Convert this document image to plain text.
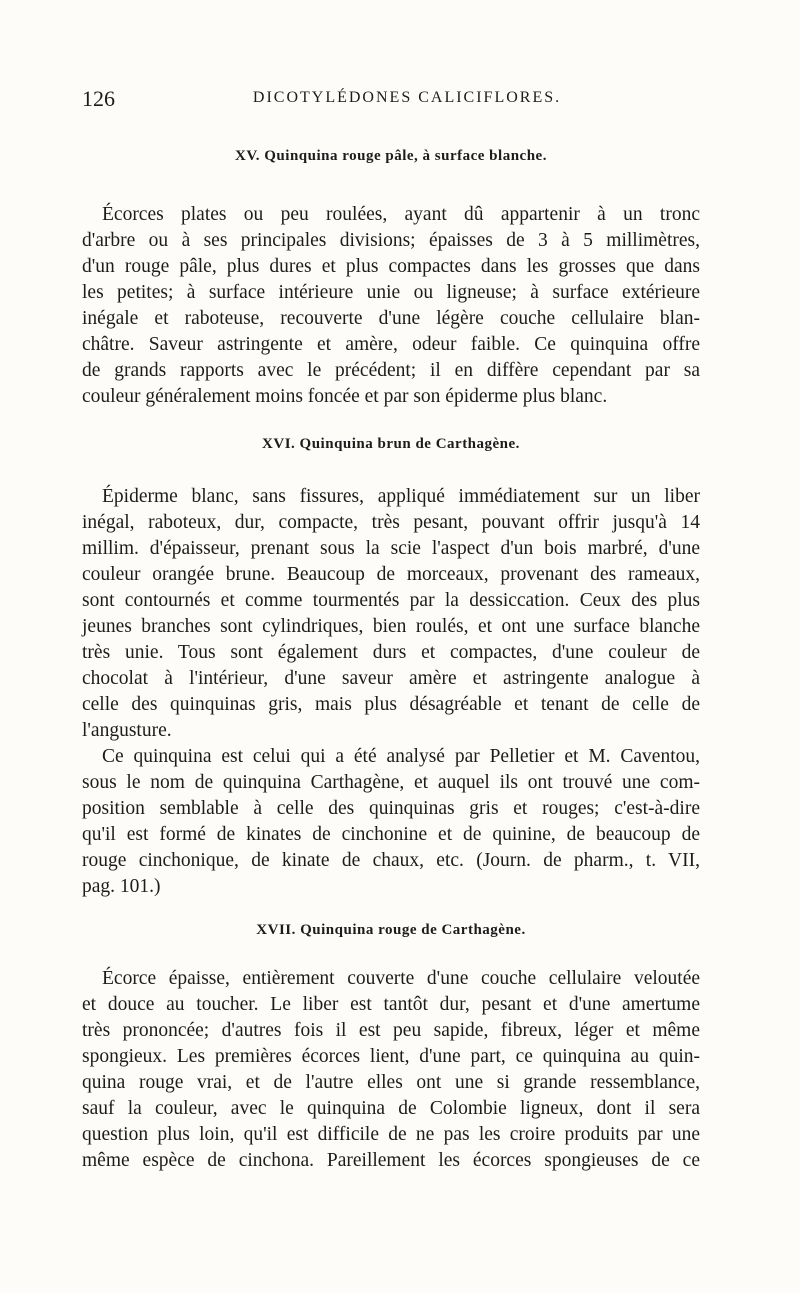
126	DICOTYLÉDONES CALICIFLORES.
XV. Quinquina rouge pâle, à surface blanche.

Écorces plates ou peu roulées, ayant dû appartenir à un tronc
d'arbre ou à ses principales divisions; épaisses de 3 à 5 millimètres,
d'un rouge pâle, plus dures et plus compactes dans les grosses que dans
les petites; à surface intérieure unie ou ligneuse; à surface extérieure
inégale et raboteuse, recouverte d'une légère couche cellulaire blan-
châtre. Saveur astringente et amère, odeur faible. Ce quinquina offre
de grands rapports avec le précédent; il en diffère cependant par sa
couleur généralement moins foncée et par son épiderme plus blanc.

XVI. Quinquina brun de Carthagène.

Épiderme blanc, sans fissures, appliqué immédiatement sur un liber
inégal, raboteux, dur, compacte, très pesant, pouvant offrir jusqu'à 14
millim. d'épaisseur, prenant sous la scie l'aspect d'un bois marbré, d'une
couleur orangée brune. Beaucoup de morceaux, provenant des rameaux,
sont contournés et comme tourmentés par la dessiccation. Ceux des plus
jeunes branches sont cylindriques, bien roulés, et ont une surface blanche
très unie. Tous sont également durs et compactes, d'une couleur de
chocolat à l'intérieur, d'une saveur amère et astringente analogue à
celle des quinquinas gris, mais plus désagréable et tenant de celle de
l'angusture.

Ce quinquina est celui qui a été analysé par Pelletier et M. Caventou,
sous le nom de quinquina Carthagène, et auquel ils ont trouvé une com-
position semblable à celle des quinquinas gris et rouges; c'est-à-dire
qu'il est formé de kinates de cinchonine et de quinine, de beaucoup de
rouge cinchonique, de kinate de chaux, etc. (Journ. de pharm., t. VII,
pag. 101.)

XVII. Quinquina rouge de Carthagène.

Écorce épaisse, entièrement couverte d'une couche cellulaire veloutée
et douce au toucher. Le liber est tantôt dur, pesant et d'une amertume
très prononcée; d'autres fois il est peu sapide, fibreux, léger et même
spongieux. Les premières écorces lient, d'une part, ce quinquina au quin-
quina rouge vrai, et de l'autre elles ont une si grande ressemblance,
sauf la couleur, avec le quinquina de Colombie ligneux, dont il sera
question plus loin, qu'il est difficile de ne pas les croire produits par une
même espèce de cinchona. Pareillement les écorces spongieuses de ce
